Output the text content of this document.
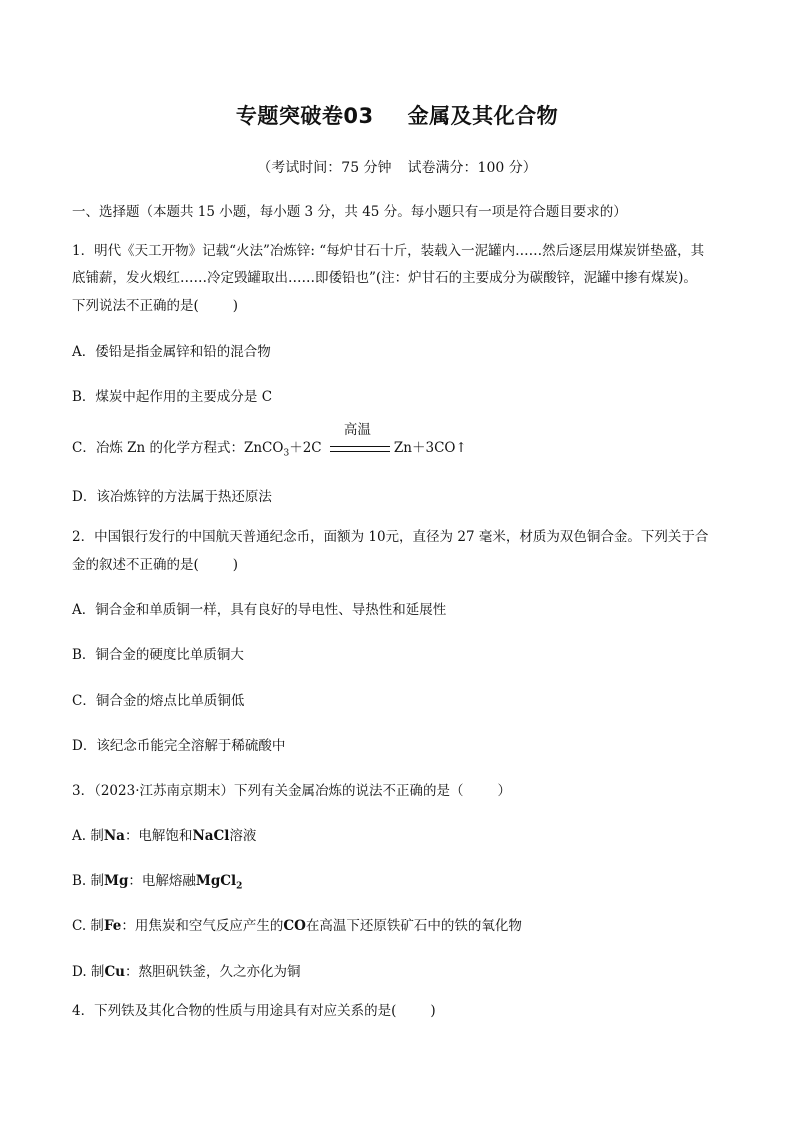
专题突破卷03 金属及其化合物
（考试时间：75 分钟 试卷满分：100 分）
一、选择题（本题共 15 小题，每小题 3 分，共 45 分。每小题只有一项是符合题目要求的）
1．明代《天工开物》记载“火法”冶炼锌: “每炉甘石十斤，装载入一泥罐内……然后逐层用煤炭饼垫盛，其
底铺薪，发火煅红……冷定毁罐取出……即倭铅也”(注：炉甘石的主要成分为碳酸锌，泥罐中掺有煤炭)。
下列说法不正确的是(	)
A．倭铅是指金属锌和铅的混合物
B．煤炭中起作用的主要成分是 C
C．冶炼 Zn 的化学方程式：ZnCO$_3$＋2C
高温
Zn＋3CO↑
D．该冶炼锌的方法属于热还原法
2．中国银行发行的中国航天普通纪念币，面额为 10元，直径为 27 毫米，材质为双色铜合金。下列关于合
金的叙述不正确的是(	)
A．铜合金和单质铜一样，具有良好的导电性、导热性和延展性
B．铜合金的硬度比单质铜大
C．铜合金的熔点比单质铜低
D．该纪念币能完全溶解于稀硫酸中
3．（2023·江苏南京期末）下列有关金属冶炼的说法不正确的是（	）
A. 制Na：电解饱和NaCl溶液
B. 制Mg：电解熔融MgCl$_2$
C. 制Fe：用焦炭和空气反应产生的CO在高温下还原铁矿石中的铁的氧化物
D. 制Cu：熬胆矾铁釜，久之亦化为铜
4．下列铁及其化合物的性质与用途具有对应关系的是(	)
